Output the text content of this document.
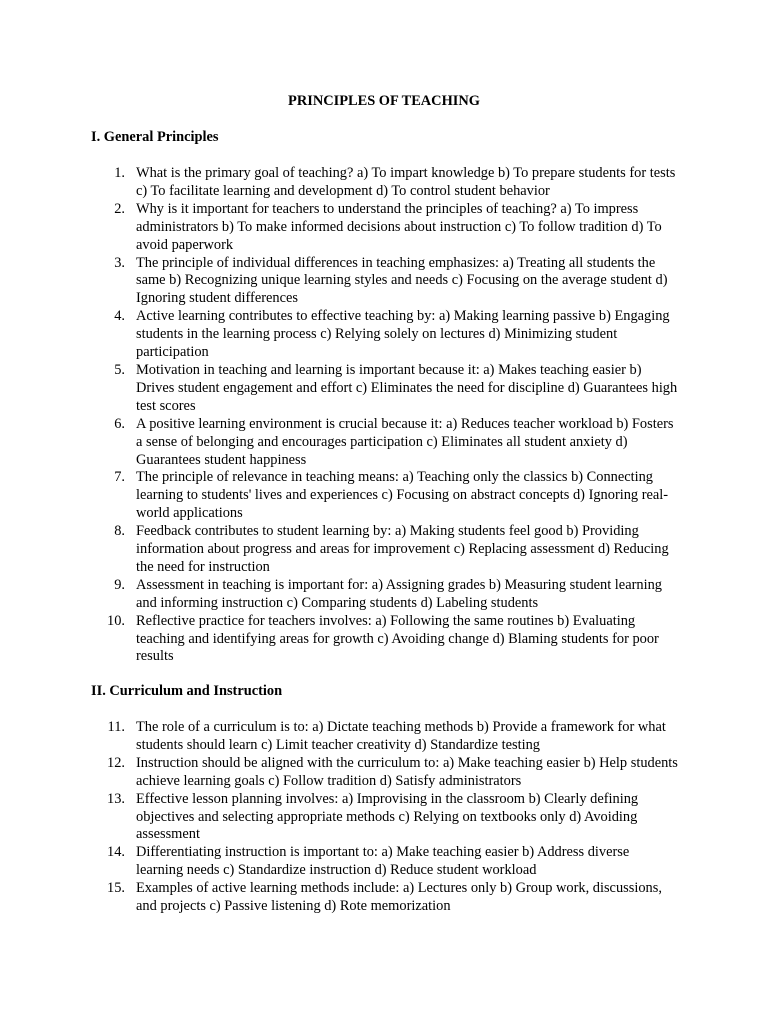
PRINCIPLES OF TEACHING
I. General Principles
1. What is the primary goal of teaching? a) To impart knowledge b) To prepare students for tests c) To facilitate learning and development d) To control student behavior
2. Why is it important for teachers to understand the principles of teaching? a) To impress administrators b) To make informed decisions about instruction c) To follow tradition d) To avoid paperwork
3. The principle of individual differences in teaching emphasizes: a) Treating all students the same b) Recognizing unique learning styles and needs c) Focusing on the average student d) Ignoring student differences
4. Active learning contributes to effective teaching by: a) Making learning passive b) Engaging students in the learning process c) Relying solely on lectures d) Minimizing student participation
5. Motivation in teaching and learning is important because it: a) Makes teaching easier b) Drives student engagement and effort c) Eliminates the need for discipline d) Guarantees high test scores
6. A positive learning environment is crucial because it: a) Reduces teacher workload b) Fosters a sense of belonging and encourages participation c) Eliminates all student anxiety d) Guarantees student happiness
7. The principle of relevance in teaching means: a) Teaching only the classics b) Connecting learning to students' lives and experiences c) Focusing on abstract concepts d) Ignoring real-world applications
8. Feedback contributes to student learning by: a) Making students feel good b) Providing information about progress and areas for improvement c) Replacing assessment d) Reducing the need for instruction
9. Assessment in teaching is important for: a) Assigning grades b) Measuring student learning and informing instruction c) Comparing students d) Labeling students
10. Reflective practice for teachers involves: a) Following the same routines b) Evaluating teaching and identifying areas for growth c) Avoiding change d) Blaming students for poor results
II. Curriculum and Instruction
11. The role of a curriculum is to: a) Dictate teaching methods b) Provide a framework for what students should learn c) Limit teacher creativity d) Standardize testing
12. Instruction should be aligned with the curriculum to: a) Make teaching easier b) Help students achieve learning goals c) Follow tradition d) Satisfy administrators
13. Effective lesson planning involves: a) Improvising in the classroom b) Clearly defining objectives and selecting appropriate methods c) Relying on textbooks only d) Avoiding assessment
14. Differentiating instruction is important to: a) Make teaching easier b) Address diverse learning needs c) Standardize instruction d) Reduce student workload
15. Examples of active learning methods include: a) Lectures only b) Group work, discussions, and projects c) Passive listening d) Rote memorization
